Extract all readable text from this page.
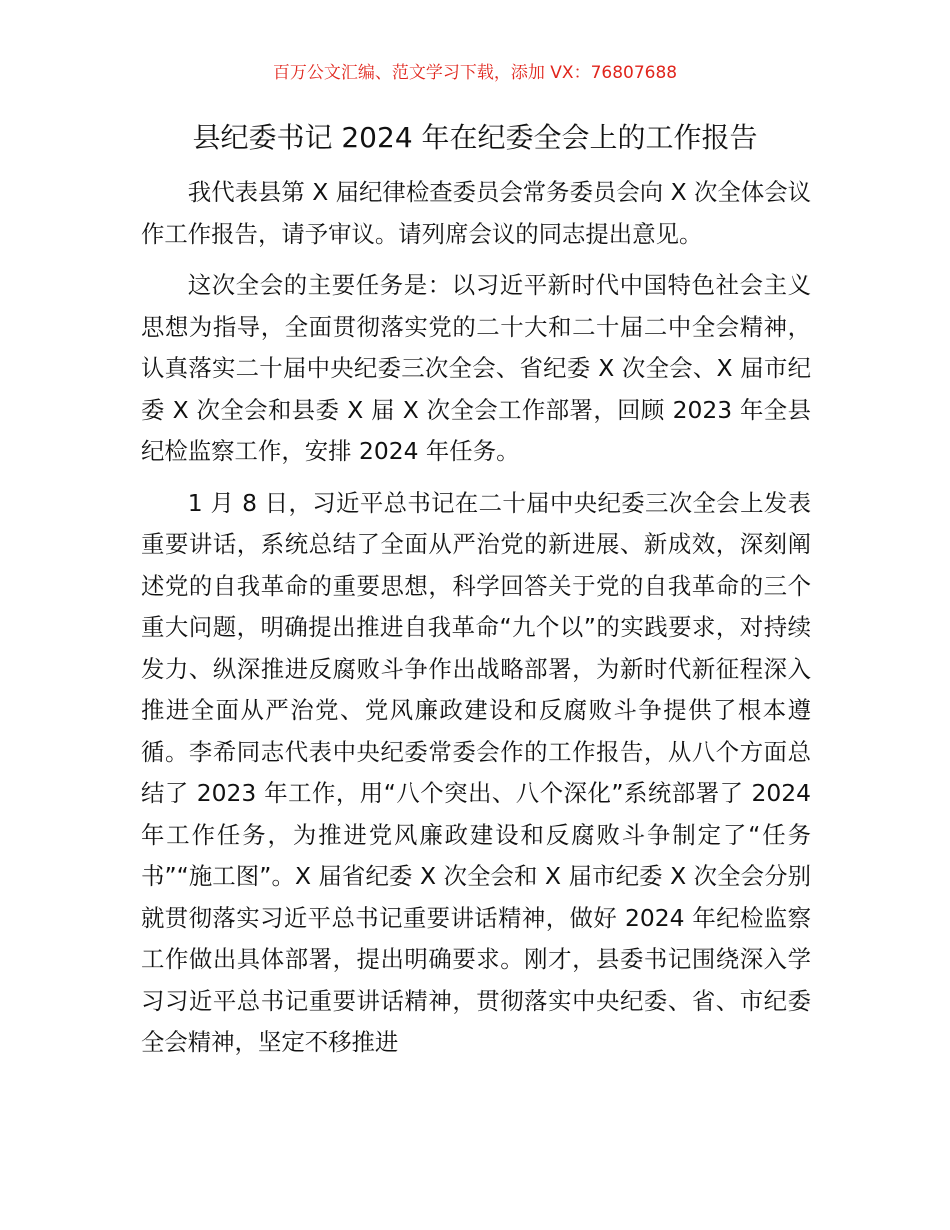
百万公文汇编、范文学习下载，添加 VX：76807688
县纪委书记 2024 年在纪委全会上的工作报告

我代表县第 X 届纪律检查委员会常务委员会向 X 次全体会议作工作报告，请予审议。请列席会议的同志提出意见。

这次全会的主要任务是：以习近平新时代中国特色社会主义思想为指导，全面贯彻落实党的二十大和二十届二中全会精神，认真落实二十届中央纪委三次全会、省纪委 X 次全会、X 届市纪委 X 次全会和县委 X 届 X 次全会工作部署，回顾 2023 年全县纪检监察工作，安排 2024 年任务。

1 月 8 日，习近平总书记在二十届中央纪委三次全会上发表重要讲话，系统总结了全面从严治党的新进展、新成效，深刻阐述党的自我革命的重要思想，科学回答关于党的自我革命的三个重大问题，明确提出推进自我革命“九个以”的实践要求，对持续发力、纵深推进反腐败斗争作出战略部署，为新时代新征程深入推进全面从严治党、党风廉政建设和反腐败斗争提供了根本遵循。李希同志代表中央纪委常委会作的工作报告，从八个方面总结了 2023 年工作，用“八个突出、八个深化”系统部署了 2024 年工作任务，为推进党风廉政建设和反腐败斗争制定了“任务书”“施工图”。X 届省纪委 X 次全会和 X 届市纪委 X 次全会分别就贯彻落实习近平总书记重要讲话精神，做好 2024 年纪检监察工作做出具体部署，提出明确要求。刚才，县委书记围绕深入学习习近平总书记重要讲话精神，贯彻落实中央纪委、省、市纪委全会精神，坚定不移推进
